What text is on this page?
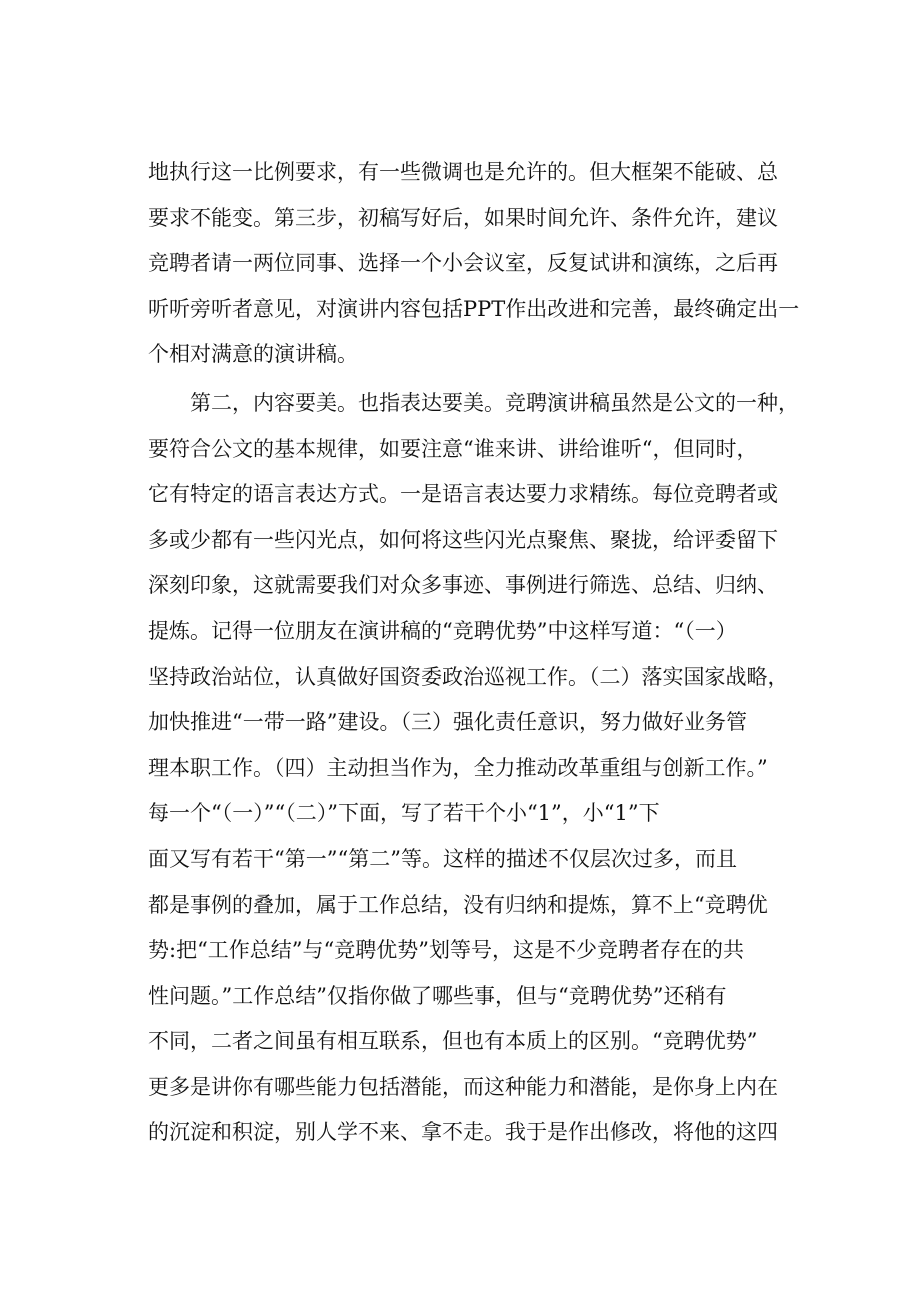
地执行这一比例要求，有一些微调也是允许的。但大框架不能破、总
要求不能变。第三步，初稿写好后，如果时间允许、条件允许，建议
竞聘者请一两位同事、选择一个小会议室，反复试讲和演练，之后再
听听旁听者意见，对演讲内容包括PPT作出改进和完善，最终确定出一
个相对满意的演讲稿。
第二，内容要美。也指表达要美。竞聘演讲稿虽然是公文的一种，
要符合公文的基本规律，如要注意“谁来讲、讲给谁听“，但同时，
它有特定的语言表达方式。一是语言表达要力求精练。每位竞聘者或
多或少都有一些闪光点，如何将这些闪光点聚焦、聚拢，给评委留下
深刻印象，这就需要我们对众多事迹、事例进行筛选、总结、归纳、
提炼。记得一位朋友在演讲稿的“竞聘优势”中这样写道：“（一）
坚持政治站位，认真做好国资委政治巡视工作。（二）落实国家战略，
加快推进“一带一路”建设。（三）强化责任意识，努力做好业务管
理本职工作。（四）主动担当作为，全力推动改革重组与创新工作。”
每一个“（一）”“（二）”下面，写了若干个小“1”，小“1”下
面又写有若干“第一”“第二”等。这样的描述不仅层次过多，而且
都是事例的叠加，属于工作总结，没有归纳和提炼，算不上“竞聘优
势:把“工作总结”与“竞聘优势”划等号，这是不少竞聘者存在的共
性问题。”工作总结”仅指你做了哪些事，但与“竞聘优势”还稍有
不同，二者之间虽有相互联系，但也有本质上的区别。“竞聘优势”
更多是讲你有哪些能力包括潜能，而这种能力和潜能，是你身上内在
的沉淀和积淀，别人学不来、拿不走。我于是作出修改，将他的这四
